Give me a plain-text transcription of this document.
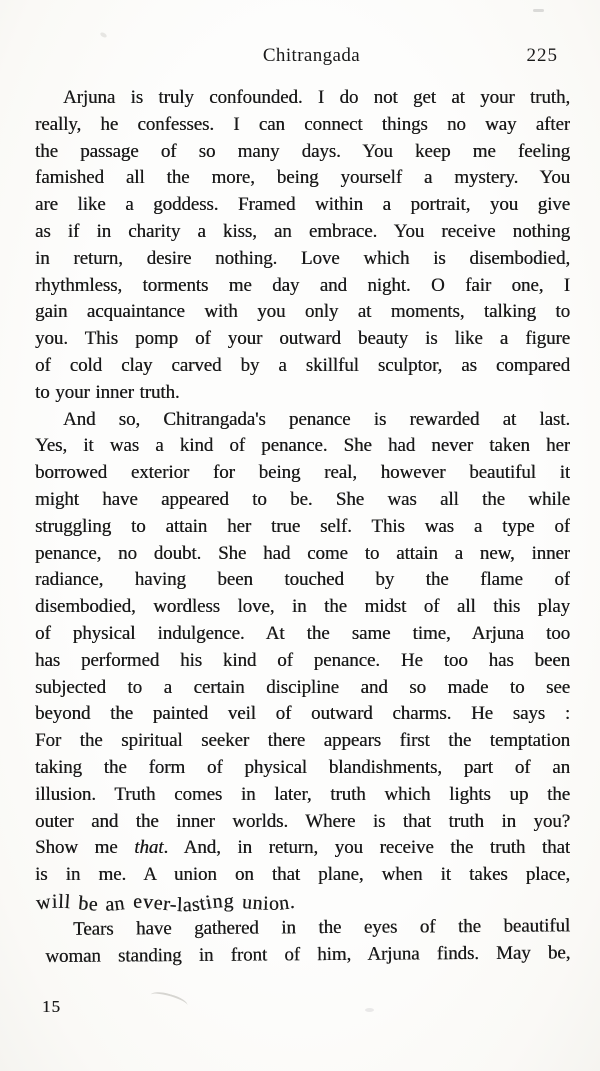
Chitrangada	225
Arjuna is truly confounded. I do not get at your truth,
really, he confesses. I can connect things no way after
the passage of so many days. You keep me feeling
famished all the more, being yourself a mystery. You
are like a goddess. Framed within a portrait, you give
as if in charity a kiss, an embrace. You receive nothing
in return, desire nothing. Love which is disembodied,
rhythmless, torments me day and night. O fair one, I
gain acquaintance with you only at moments, talking to
you. This pomp of your outward beauty is like a figure
of cold clay carved by a skillful sculptor, as compared
to your inner truth.
And so, Chitrangada's penance is rewarded at last.
Yes, it was a kind of penance. She had never taken her
borrowed exterior for being real, however beautiful it
might have appeared to be. She was all the while
struggling to attain her true self. This was a type of
penance, no doubt. She had come to attain a new, inner
radiance, having been touched by the flame of
disembodied, wordless love, in the midst of all this play
of physical indulgence. At the same time, Arjuna too
has performed his kind of penance. He too has been
subjected to a certain discipline and so made to see
beyond the painted veil of outward charms. He says :
For the spiritual seeker there appears first the temptation
taking the form of physical blandishments, part of an
illusion. Truth comes in later, truth which lights up the
outer and the inner worlds. Where is that truth in you?
Show me that. And, in return, you receive the truth that
is in me. A union on that plane, when it takes place,
will be an ever-lasting union.
Tears have gathered in the eyes of the beautiful
woman standing in front of him, Arjuna finds. May be,
15
